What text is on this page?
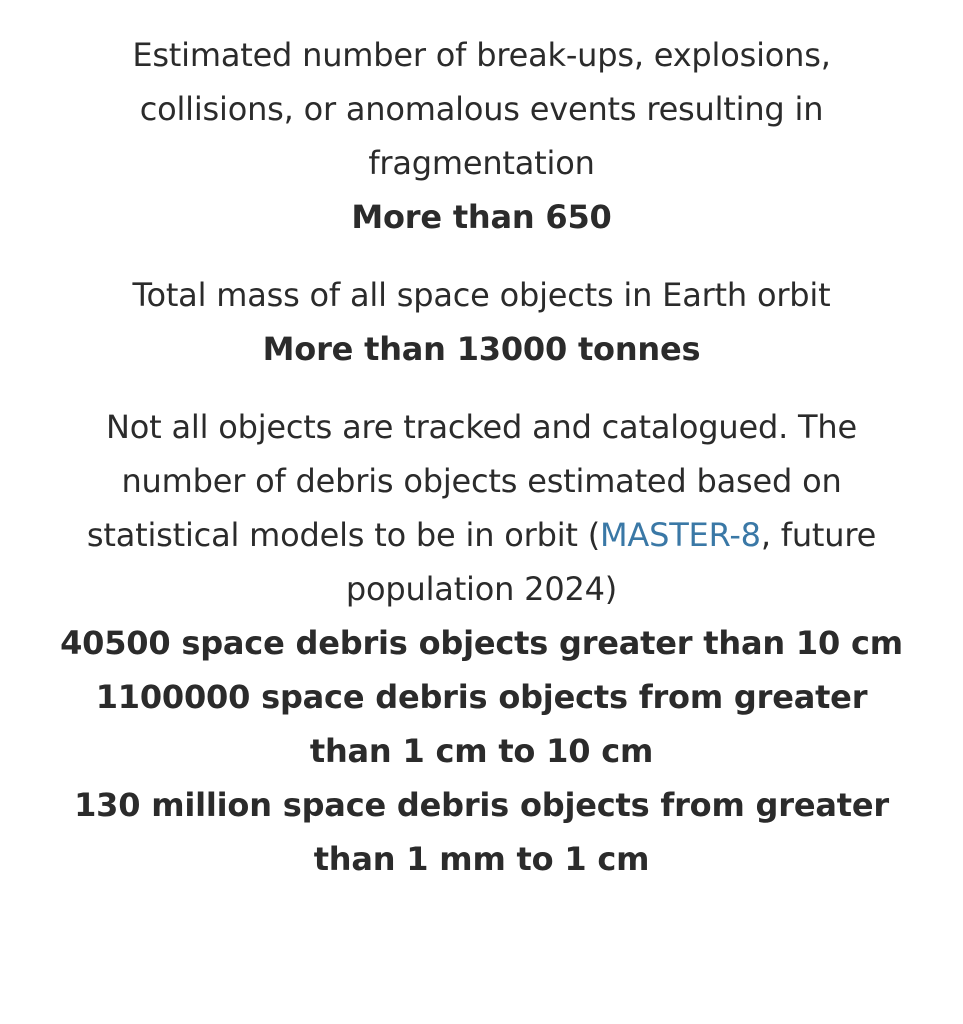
Estimated number of break-ups, explosions, collisions, or anomalous events resulting in fragmentation

More than 650

Total mass of all space objects in Earth orbit

More than 13000 tonnes

Not all objects are tracked and catalogued. The number of debris objects estimated based on statistical models to be in orbit (MASTER-8, future population 2024)

40500 space debris objects greater than 10 cm

1100000 space debris objects from greater than 1 cm to 10 cm

130 million space debris objects from greater than 1 mm to 1 cm
